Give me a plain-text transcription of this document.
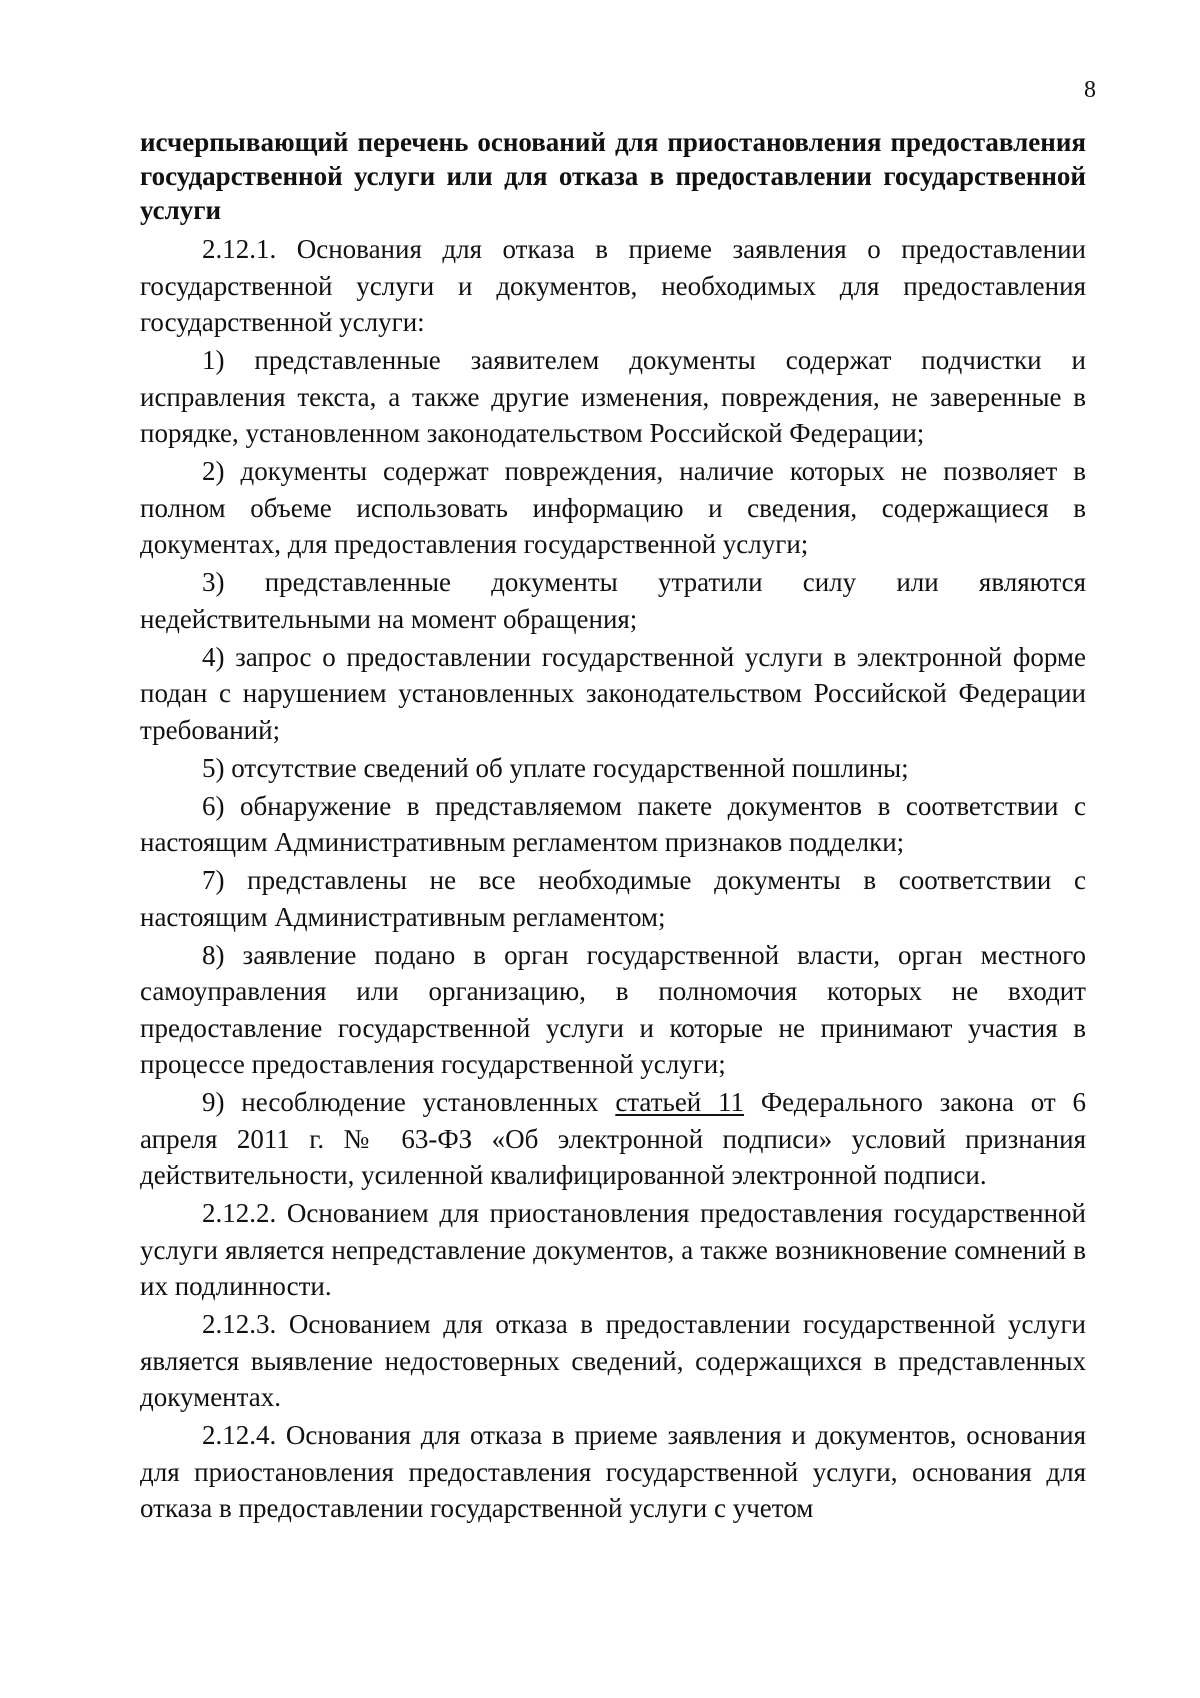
8

исчерпывающий перечень оснований для приостановления предоставления государственной услуги или для отказа в предоставлении государственной услуги

2.12.1. Основания для отказа в приеме заявления о предоставлении государственной услуги и документов, необходимых для предоставления государственной услуги:

1) представленные заявителем документы содержат подчистки и исправления текста, а также другие изменения, повреждения, не заверенные в порядке, установленном законодательством Российской Федерации;

2) документы содержат повреждения, наличие которых не позволяет в полном объеме использовать информацию и сведения, содержащиеся в документах, для предоставления государственной услуги;

3) представленные документы утратили силу или являются недействительными на момент обращения;

4) запрос о предоставлении государственной услуги в электронной форме подан с нарушением установленных законодательством Российской Федерации требований;

5) отсутствие сведений об уплате государственной пошлины;

6) обнаружение в представляемом пакете документов в соответствии с настоящим Административным регламентом признаков подделки;

7) представлены не все необходимые документы в соответствии с настоящим Административным регламентом;

8) заявление подано в орган государственной власти, орган местного самоуправления или организацию, в полномочия которых не входит предоставление государственной услуги и которые не принимают участия в процессе предоставления государственной услуги;

9) несоблюдение установленных статьей 11 Федерального закона от 6 апреля 2011 г. № 63-ФЗ «Об электронной подписи» условий признания действительности, усиленной квалифицированной электронной подписи.

2.12.2. Основанием для приостановления предоставления государственной услуги является непредставление документов, а также возникновение сомнений в их подлинности.

2.12.3. Основанием для отказа в предоставлении государственной услуги является выявление недостоверных сведений, содержащихся в представленных документах.

2.12.4. Основания для отказа в приеме заявления и документов, основания для приостановления предоставления государственной услуги, основания для отказа в предоставлении государственной услуги с учетом
